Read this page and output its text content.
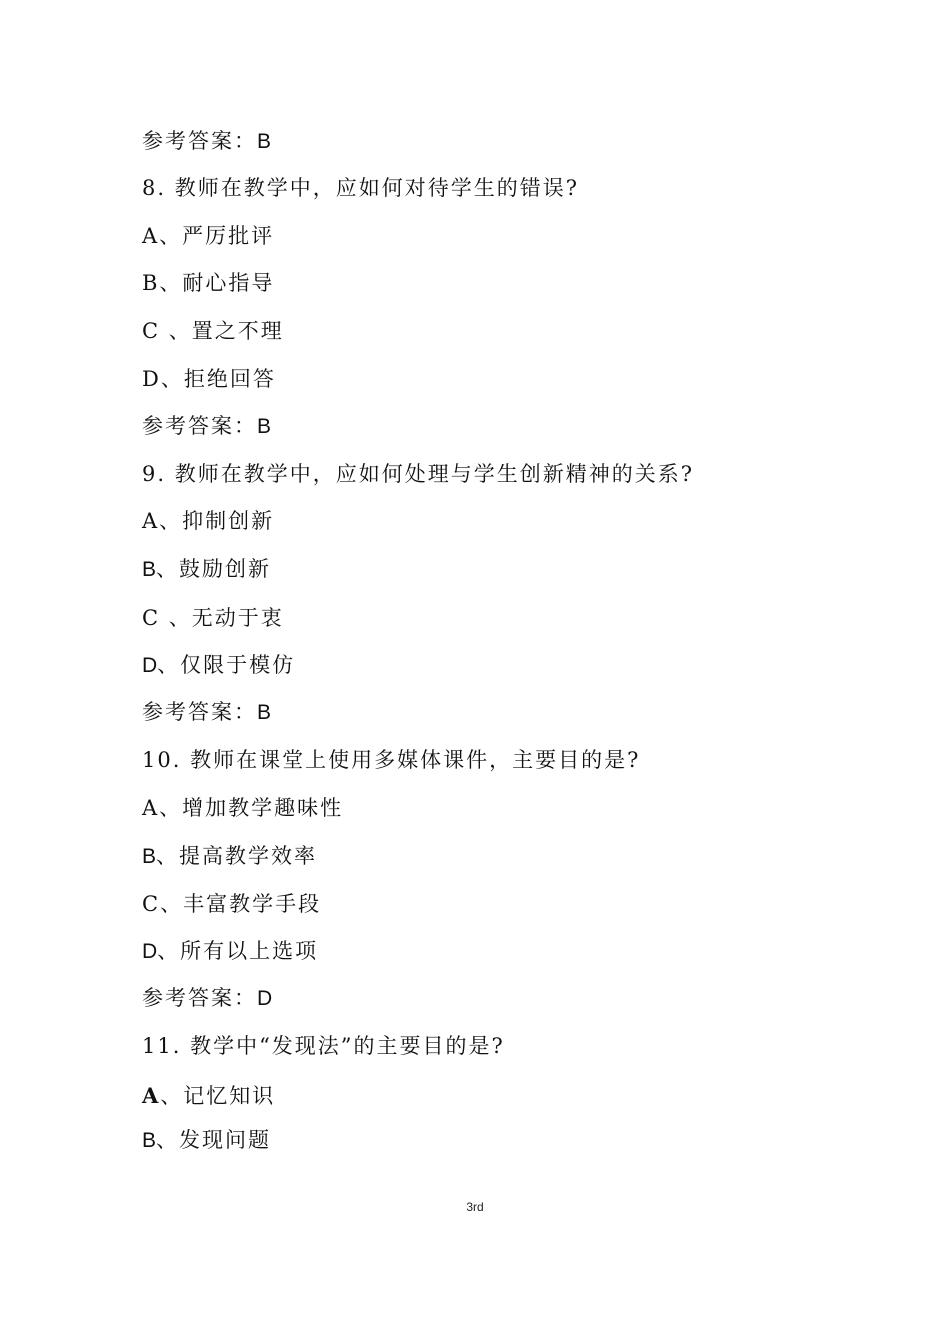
参考答案：B
8. 教师在教学中，应如何对待学生的错误?
A、严厉批评
B、耐心指导
C 、置之不理
D、拒绝回答
参考答案：B
9. 教师在教学中，应如何处理与学生创新精神的关系?
A、抑制创新
B、鼓励创新
C 、无动于衷
D、仅限于模仿
参考答案：B
10. 教师在课堂上使用多媒体课件，主要目的是?
A、增加教学趣味性
B、提高教学效率
C、丰富教学手段
D、所有以上选项
参考答案：D
11. 教学中“发现法”的主要目的是?
A、记忆知识
B、发现问题
3rd
